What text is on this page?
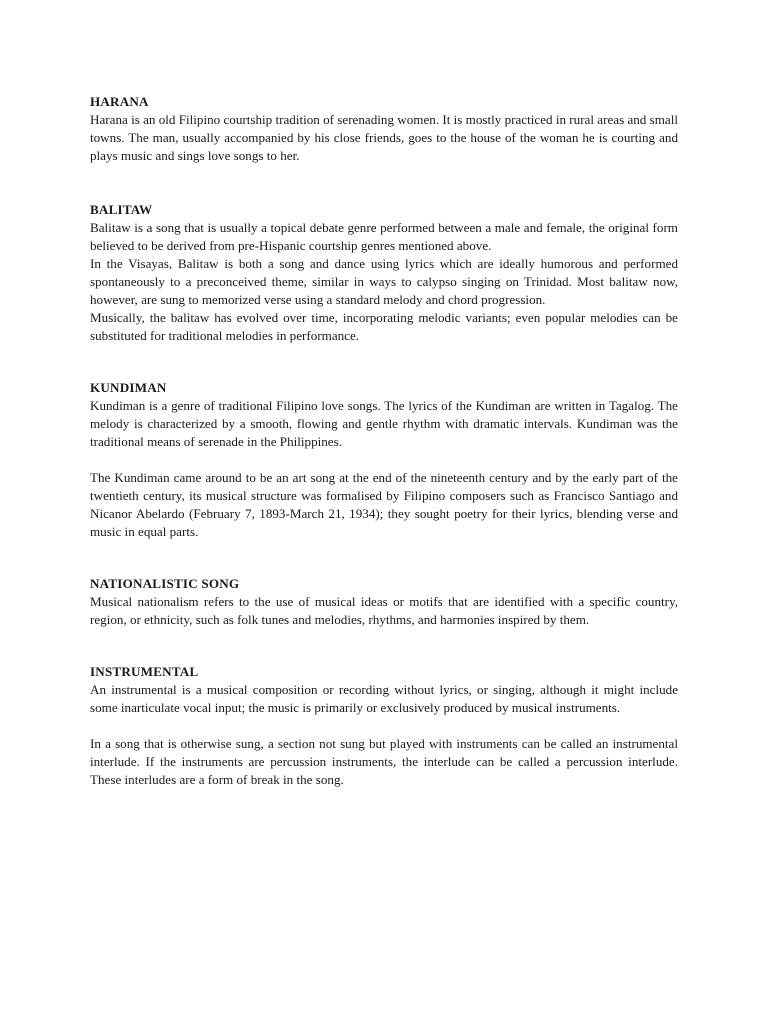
HARANA

Harana is an old Filipino courtship tradition of serenading women. It is mostly practiced in rural areas and small towns. The man, usually accompanied by his close friends, goes to the house of the woman he is courting and plays music and sings love songs to her.

BALITAW

Balitaw is a song that is usually a topical debate genre performed between a male and female, the original form believed to be derived from pre-Hispanic courtship genres mentioned above.

In the Visayas, Balitaw is both a song and dance using lyrics which are ideally humorous and performed spontaneously to a preconceived theme, similar in ways to calypso singing on Trinidad. Most balitaw now, however, are sung to memorized verse using a standard melody and chord progression.

Musically, the balitaw has evolved over time, incorporating melodic variants; even popular melodies can be substituted for traditional melodies in performance.

KUNDIMAN

Kundiman is a genre of traditional Filipino love songs. The lyrics of the Kundiman are written in Tagalog. The melody is characterized by a smooth, flowing and gentle rhythm with dramatic intervals. Kundiman was the traditional means of serenade in the Philippines.

The Kundiman came around to be an art song at the end of the nineteenth century and by the early part of the twentieth century, its musical structure was formalised by Filipino composers such as Francisco Santiago and Nicanor Abelardo (February 7, 1893-March 21, 1934); they sought poetry for their lyrics, blending verse and music in equal parts.

NATIONALISTIC SONG

Musical nationalism refers to the use of musical ideas or motifs that are identified with a specific country, region, or ethnicity, such as folk tunes and melodies, rhythms, and harmonies inspired by them.

INSTRUMENTAL

An instrumental is a musical composition or recording without lyrics, or singing, although it might include some inarticulate vocal input; the music is primarily or exclusively produced by musical instruments.

In a song that is otherwise sung, a section not sung but played with instruments can be called an instrumental interlude. If the instruments are percussion instruments, the interlude can be called a percussion interlude. These interludes are a form of break in the song.
